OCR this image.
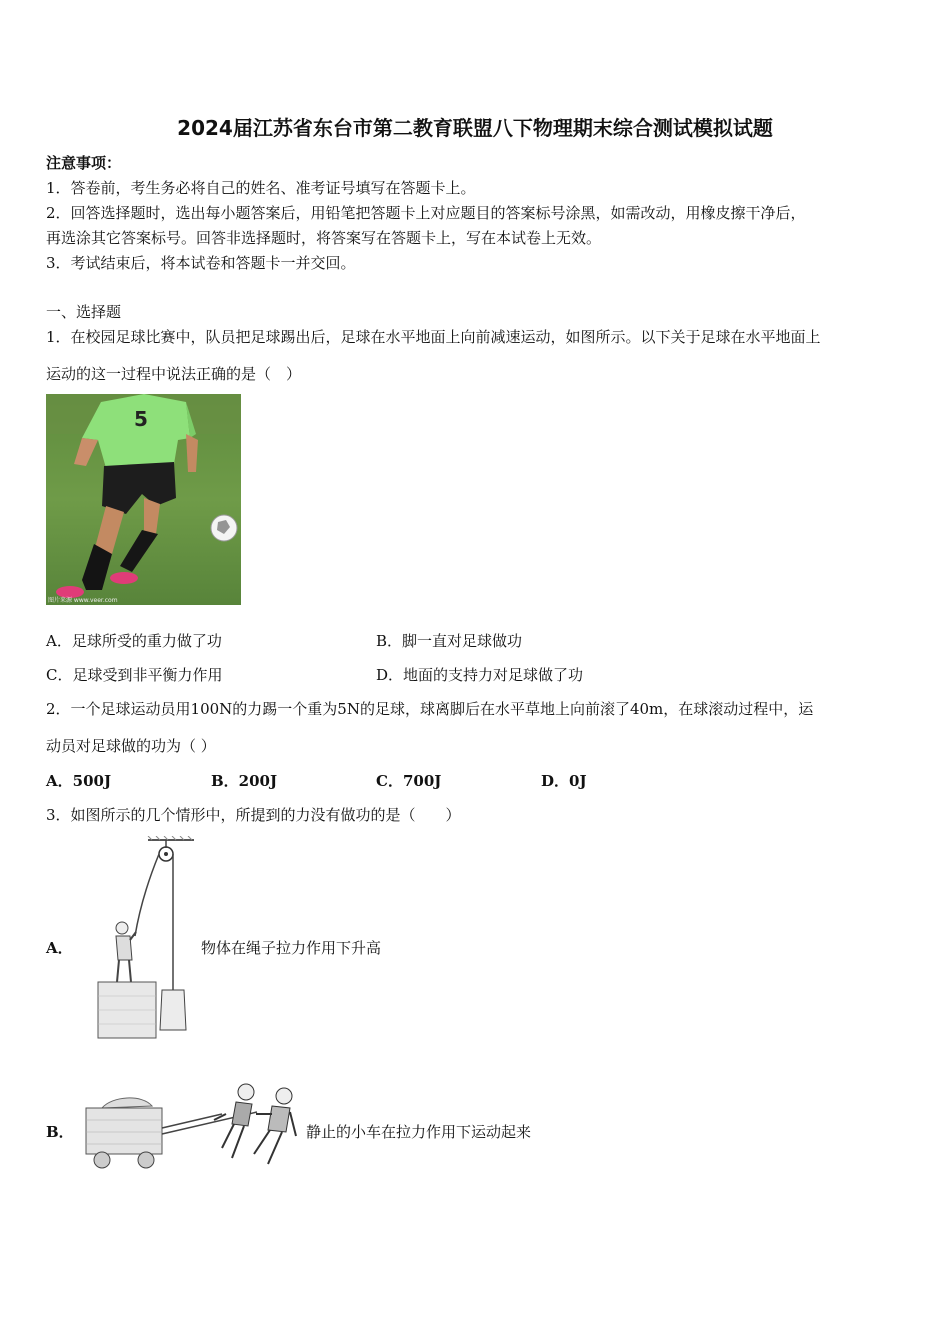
2024届江苏省东台市第二教育联盟八下物理期末综合测试模拟试题
注意事项：
1．答卷前，考生务必将自己的姓名、准考证号填写在答题卡上。
2．回答选择题时，选出每小题答案后，用铅笔把答题卡上对应题目的答案标号涂黑，如需改动，用橡皮擦干净后，
再选涂其它答案标号。回答非选择题时，将答案写在答题卡上，写在本试卷上无效。
3．考试结束后，将本试卷和答题卡一并交回。
一、选择题
1．在校园足球比赛中，队员把足球踢出后，足球在水平地面上向前减速运动，如图所示。以下关于足球在水平地面上
运动的这一过程中说法正确的是（　）
5
图片来源 www.veer.com
A．足球所受的重力做了功	B．脚一直对足球做功
C．足球受到非平衡力作用	D．地面的支持力对足球做了功
2．一个足球运动员用100N的力踢一个重为5N的足球，球离脚后在水平草地上向前滚了40m，在球滚动过程中，运
动员对足球做的功为（ ）
A．500J	B．200J	C．700J	D．0J
3．如图所示的几个情形中，所提到的力没有做功的是（　　）
A．	物体在绳子拉力作用下升高
B．	静止的小车在拉力作用下运动起来
